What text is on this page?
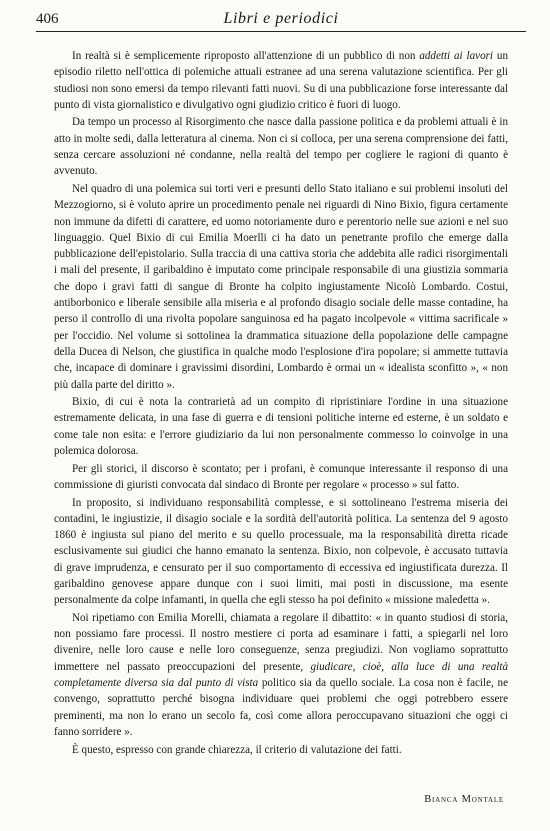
406	Libri e periodici

In realtà si è semplicemente riproposto all'attenzione di un pubblico di non addetti ai lavori un episodio riletto nell'ottica di polemiche attuali estranee ad una serena valutazione scientifica. Per gli studiosi non sono emersi da tempo rilevanti fatti nuovi. Su di una pubblicazione forse interessante dal punto di vista giornalistico e divulgativo ogni giudizio critico è fuori di luogo.

Da tempo un processo al Risorgimento che nasce dalla passione politica e da problemi attuali è in atto in molte sedi, dalla letteratura al cinema. Non ci si colloca, per una serena comprensione dei fatti, senza cercare assoluzioni né condanne, nella realtà del tempo per cogliere le ragioni di quanto è avvenuto.

Nel quadro di una polemica sui torti veri e presunti dello Stato italiano e sui problemi insoluti del Mezzogiorno, si è voluto aprire un procedimento penale nei riguardi di Nino Bixio, figura certamente non immune da difetti di carattere, ed uomo notoriamente duro e perentorio nelle sue azioni e nel suo linguaggio. Quel Bixio di cui Emilia Moerlli ci ha dato un penetrante profilo che emerge dalla pubblicazione dell'epistolario. Sulla traccia di una cattiva storia che addebita alle radici risorgimentali i mali del presente, il garibaldino è imputato come principale responsabile di una giustizia sommaria che dopo i gravi fatti di sangue di Bronte ha colpito ingiustamente Nicolò Lombardo. Costui, antiborbonico e liberale sensibile alla miseria e al profondo disagio sociale delle masse contadine, ha perso il controllo di una rivolta popolare sanguinosa ed ha pagato incolpevole « vittima sacrificale » per l'occidio. Nel volume si sottolinea la drammatica situazione della popolazione delle campagne della Ducea di Nelson, che giustifica in qualche modo l'esplosione d'ira popolare; si ammette tuttavia che, incapace di dominare i gravissimi disordini, Lombardo è ormai un « idealista sconfitto », « non più dalla parte del diritto ».

Bixio, di cui è nota la contrarietà ad un compito di ripristiniare l'ordine in una situazione estremamente delicata, in una fase di guerra e di tensioni politiche interne ed esterne, è un soldato e come tale non esita: e l'errore giudiziario da lui non personalmente commesso lo coinvolge in una polemica dolorosa.

Per gli storici, il discorso è scontato; per i profani, è comunque interessante il responso di una commissione di giuristi convocata dal sindaco di Bronte per regolare « processo » sul fatto.

In proposito, si individuano responsabilità complesse, e si sottolineano l'estrema miseria dei contadini, le ingiustizie, il disagio sociale e la sordità dell'autorità politica. La sentenza del 9 agosto 1860 è ingiusta sul piano del merito e su quello processuale, ma la responsabilità diretta ricade esclusivamente sui giudici che hanno emanato la sentenza. Bixio, non colpevole, è accusato tuttavia di grave imprudenza, e censurato per il suo comportamento di eccessiva ed ingiustificata durezza. Il garibaldino genovese appare dunque con i suoi limiti, mai posti in discussione, ma esente personalmente da colpe infamanti, in quella che egli stesso ha poi definito « missione maledetta ».

Noi ripetiamo con Emilia Morelli, chiamata a regolare il dibattito: « in quanto studiosi di storia, non possiamo fare processi. Il nostro mestiere ci porta ad esaminare i fatti, a spiegarli nel loro divenire, nelle loro cause e nelle loro conseguenze, senza pregiudizi. Non vogliamo soprattutto immettere nel passato preoccupazioni del presente, giudicare, cioè, alla luce di una realtà completamente diversa sia dal punto di vista politico sia da quello sociale. La cosa non è facile, ne convengo, soprattutto perché bisogna individuare quei problemi che oggi potrebbero essere preminenti, ma non lo erano un secolo fa, così come allora peroccupavano situazioni che oggi ci fanno sorridere ».

È questo, espresso con grande chiarezza, il criterio di valutazione dei fatti.

Bianca Montale
